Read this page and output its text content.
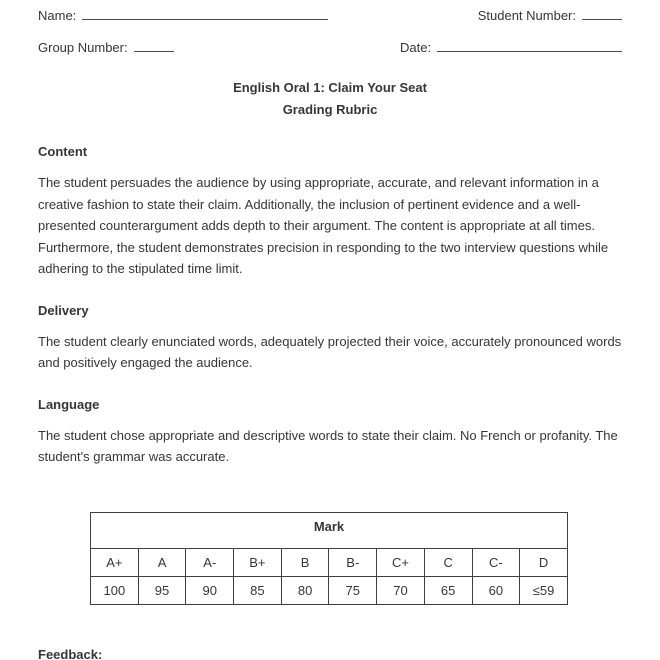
Name:	Student Number:
Group Number:	Date:
English Oral 1: Claim Your Seat
Grading Rubric
Content
The student persuades the audience by using appropriate, accurate, and relevant information in a creative fashion to state their claim. Additionally, the inclusion of pertinent evidence and a well-presented counterargument adds depth to their argument. The content is appropriate at all times. Furthermore, the student demonstrates precision in responding to the two interview questions while adhering to the stipulated time limit.
Delivery
The student clearly enunciated words, adequately projected their voice, accurately pronounced words and positively engaged the audience.
Language
The student chose appropriate and descriptive words to state their claim. No French or profanity. The student's grammar was accurate.
Mark									
A+	A	A-	B+	B	B-	C+	C	C-	D
100	95	90	85	80	75	70	65	60	≤59
Feedback:
